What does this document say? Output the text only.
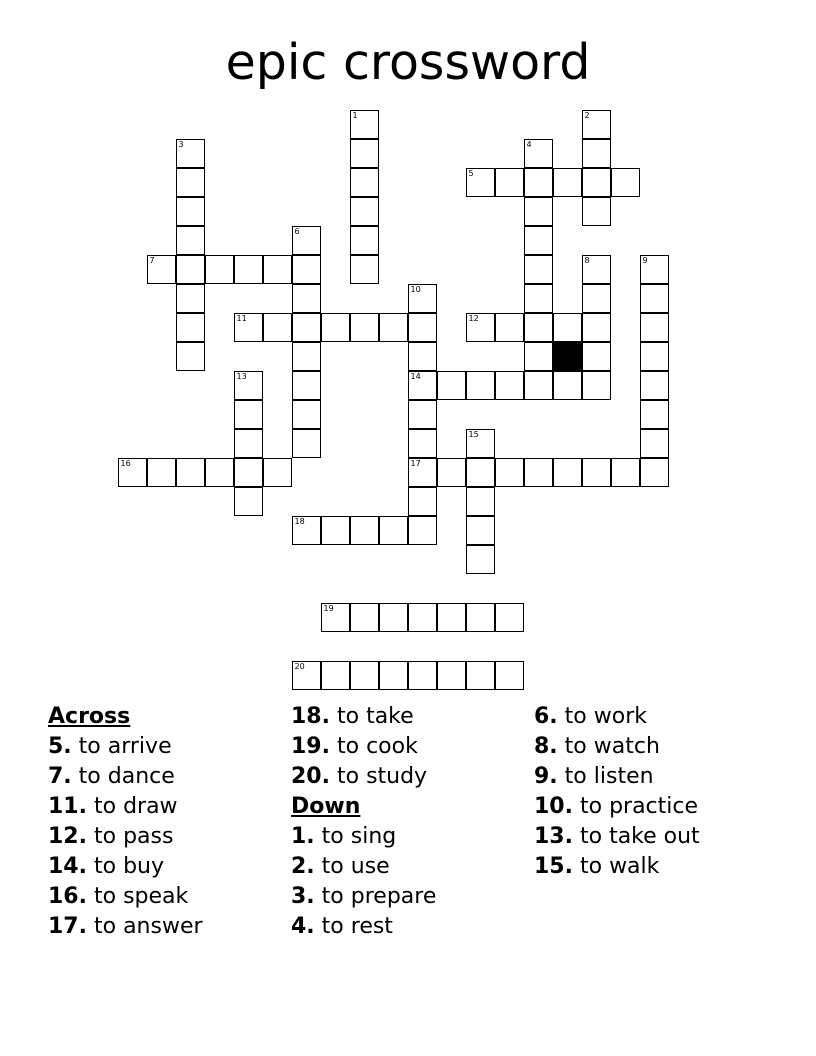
epic crossword
1	2
3	4
5
6
7	8	9
10
14
17
11	12
13
15
16
18
19
20
Across
5. to arrive
7. to dance
11. to draw
12. to pass
14. to buy
16. to speak
17. to answer
18. to take
19. to cook
20. to study
Down
1. to sing
2. to use
3. to prepare
4. to rest
6. to work
8. to watch
9. to listen
10. to practice
13. to take out
15. to walk
